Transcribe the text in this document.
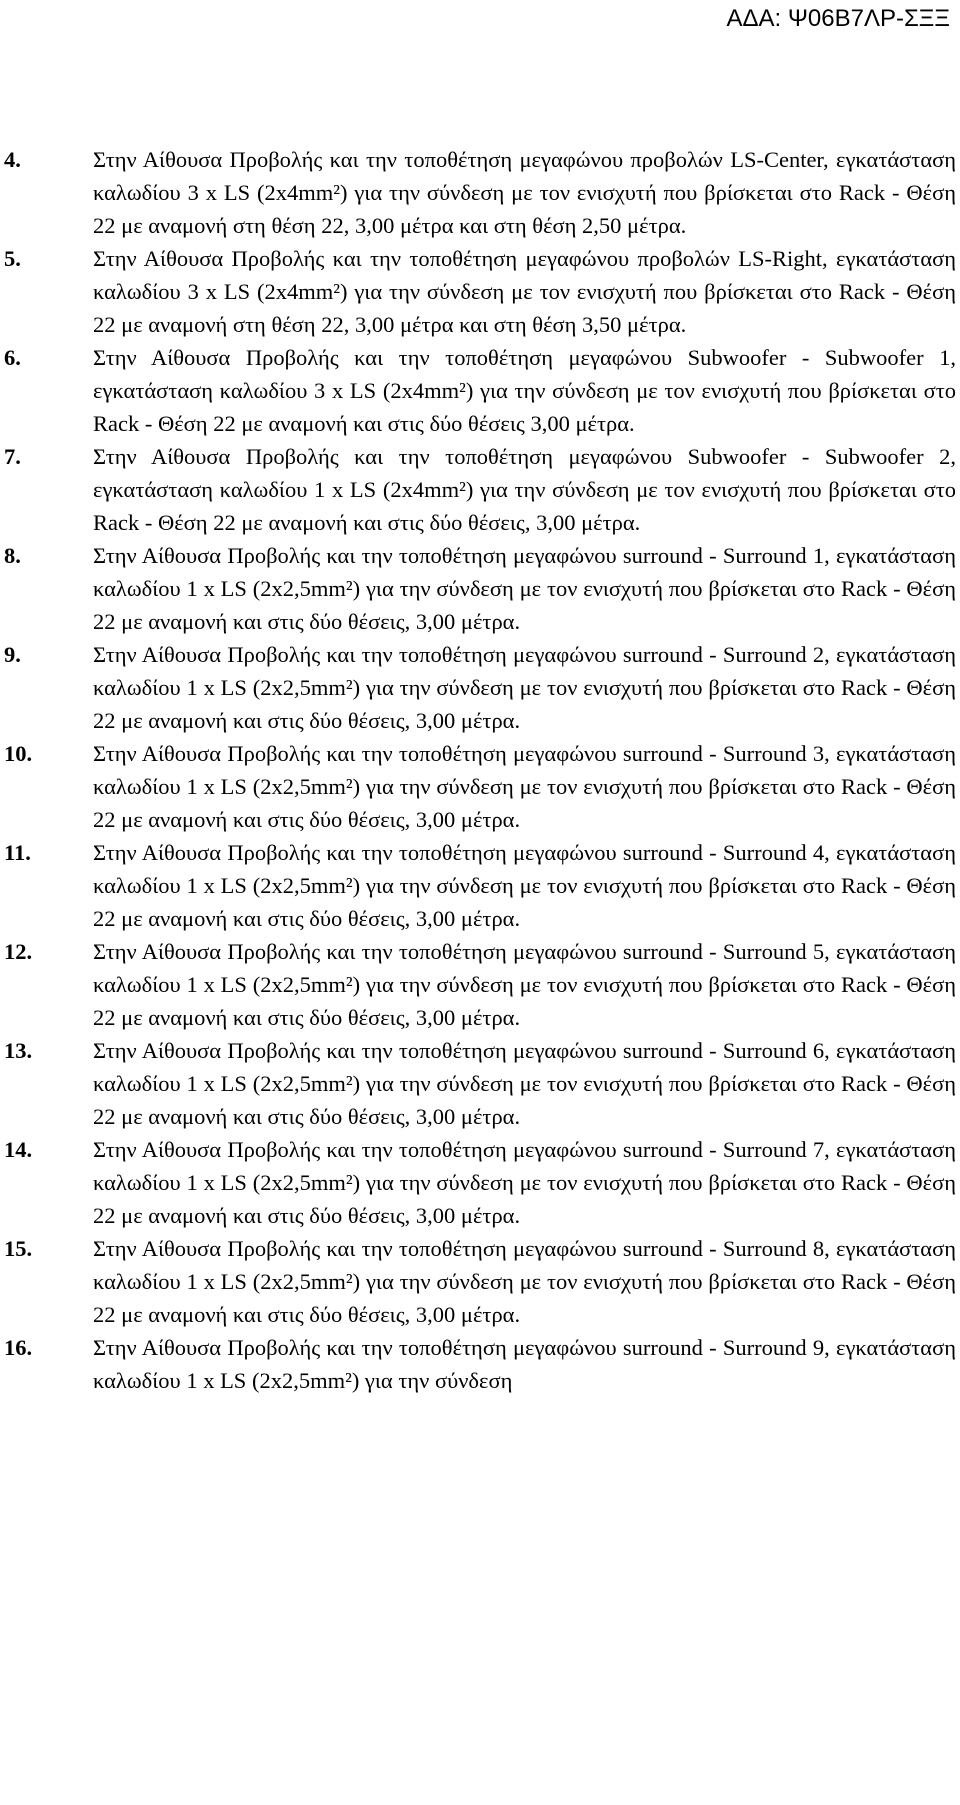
ΑΔΑ: Ψ06Β7ΛΡ-ΣΞΞ
4.	Στην Αίθουσα Προβολής και την τοποθέτηση μεγαφώνου προβολών LS-Center, εγκατάσταση καλωδίου 3 x LS (2x4mm²) για την σύνδεση με τον ενισχυτή που βρίσκεται στο Rack - Θέση 22 με αναμονή στη θέση 22, 3,00 μέτρα και στη θέση 2,50 μέτρα.
5.	Στην Αίθουσα Προβολής και την τοποθέτηση μεγαφώνου προβολών LS-Right, εγκατάσταση καλωδίου 3 x LS (2x4mm²) για την σύνδεση με τον ενισχυτή που βρίσκεται στο Rack - Θέση 22 με αναμονή στη θέση 22, 3,00 μέτρα και στη θέση 3,50 μέτρα.
6.	Στην Αίθουσα Προβολής και την τοποθέτηση μεγαφώνου Subwoofer - Subwoofer 1, εγκατάσταση καλωδίου 3 x LS (2x4mm²) για την σύνδεση με τον ενισχυτή που βρίσκεται στο Rack - Θέση 22 με αναμονή και στις δύο θέσεις 3,00 μέτρα.
7.	Στην Αίθουσα Προβολής και την τοποθέτηση μεγαφώνου Subwoofer - Subwoofer 2, εγκατάσταση καλωδίου 1 x LS (2x4mm²) για την σύνδεση με τον ενισχυτή που βρίσκεται στο Rack - Θέση 22 με αναμονή και στις δύο θέσεις, 3,00 μέτρα.
8.	Στην Αίθουσα Προβολής και την τοποθέτηση μεγαφώνου surround - Surround 1, εγκατάσταση καλωδίου 1 x LS (2x2,5mm²) για την σύνδεση με τον ενισχυτή που βρίσκεται στο Rack - Θέση 22 με αναμονή και στις δύο θέσεις, 3,00 μέτρα.
9.	Στην Αίθουσα Προβολής και την τοποθέτηση μεγαφώνου surround - Surround 2, εγκατάσταση καλωδίου 1 x LS (2x2,5mm²) για την σύνδεση με τον ενισχυτή που βρίσκεται στο Rack - Θέση 22 με αναμονή και στις δύο θέσεις, 3,00 μέτρα.
10.	Στην Αίθουσα Προβολής και την τοποθέτηση μεγαφώνου surround - Surround 3, εγκατάσταση καλωδίου 1 x LS (2x2,5mm²) για την σύνδεση με τον ενισχυτή που βρίσκεται στο Rack - Θέση 22 με αναμονή και στις δύο θέσεις, 3,00 μέτρα.
11.	Στην Αίθουσα Προβολής και την τοποθέτηση μεγαφώνου surround - Surround 4, εγκατάσταση καλωδίου 1 x LS (2x2,5mm²) για την σύνδεση με τον ενισχυτή που βρίσκεται στο Rack - Θέση 22 με αναμονή και στις δύο θέσεις, 3,00 μέτρα.
12.	Στην Αίθουσα Προβολής και την τοποθέτηση μεγαφώνου surround - Surround 5, εγκατάσταση καλωδίου 1 x LS (2x2,5mm²) για την σύνδεση με τον ενισχυτή που βρίσκεται στο Rack - Θέση 22 με αναμονή και στις δύο θέσεις, 3,00 μέτρα.
13.	Στην Αίθουσα Προβολής και την τοποθέτηση μεγαφώνου surround - Surround 6, εγκατάσταση καλωδίου 1 x LS (2x2,5mm²) για την σύνδεση με τον ενισχυτή που βρίσκεται στο Rack - Θέση 22 με αναμονή και στις δύο θέσεις, 3,00 μέτρα.
14.	Στην Αίθουσα Προβολής και την τοποθέτηση μεγαφώνου surround - Surround 7, εγκατάσταση καλωδίου 1 x LS (2x2,5mm²) για την σύνδεση με τον ενισχυτή που βρίσκεται στο Rack - Θέση 22 με αναμονή και στις δύο θέσεις, 3,00 μέτρα.
15.	Στην Αίθουσα Προβολής και την τοποθέτηση μεγαφώνου surround - Surround 8, εγκατάσταση καλωδίου 1 x LS (2x2,5mm²) για την σύνδεση με τον ενισχυτή που βρίσκεται στο Rack - Θέση 22 με αναμονή και στις δύο θέσεις, 3,00 μέτρα.
16.	Στην Αίθουσα Προβολής και την τοποθέτηση μεγαφώνου surround - Surround 9, εγκατάσταση καλωδίου 1 x LS (2x2,5mm²) για την σύνδεση
